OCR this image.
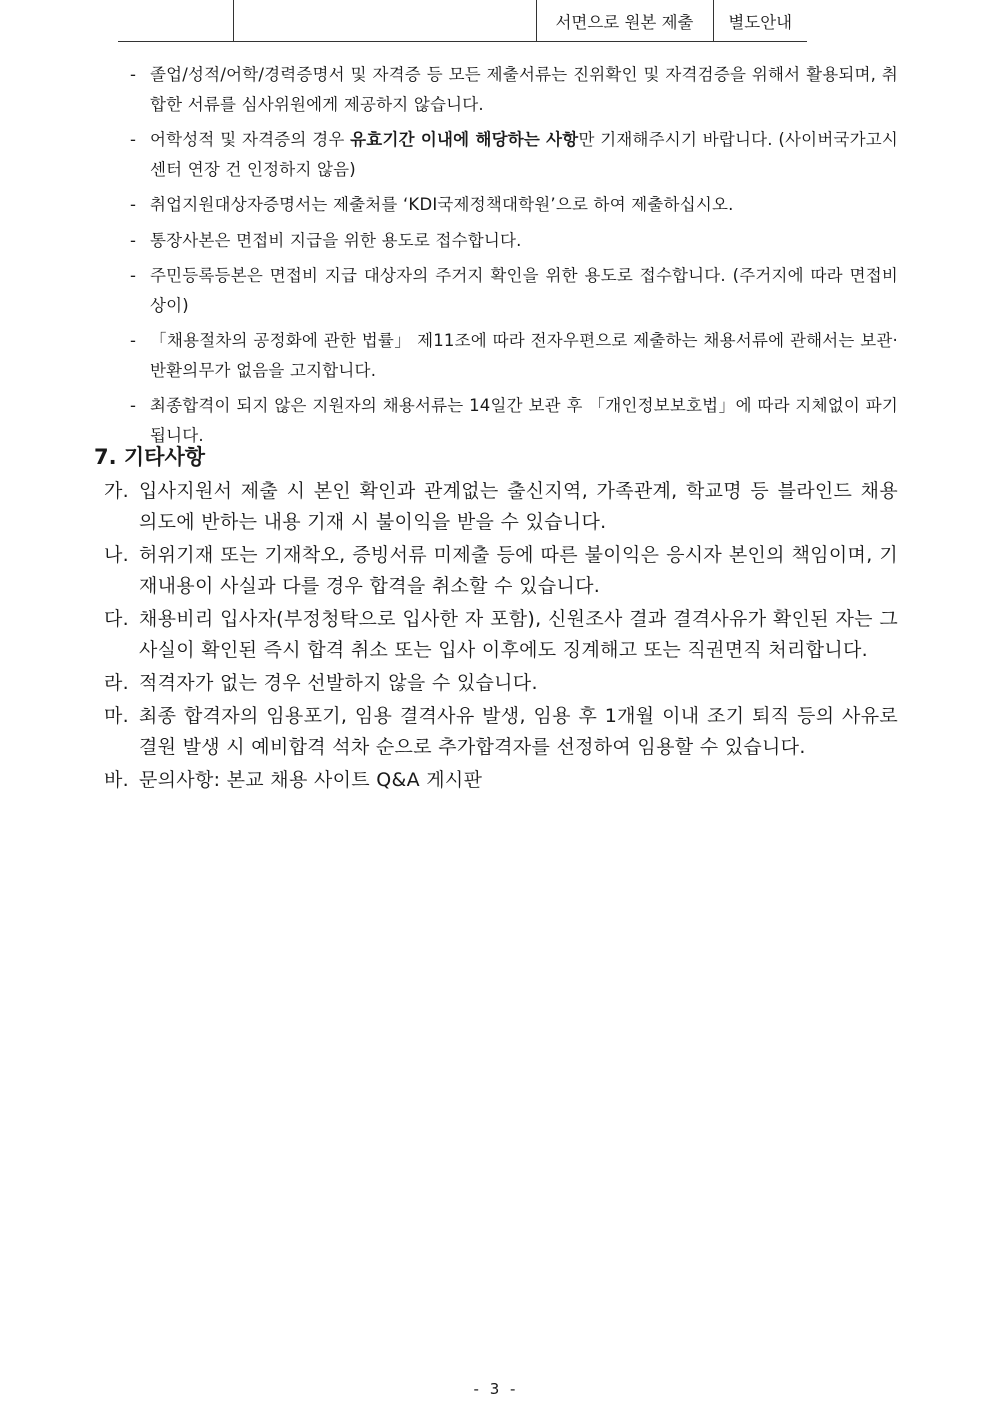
		서면으로 원본 제출	별도안내
- 졸업/성적/어학/경력증명서 및 자격증 등 모든 제출서류는 진위확인 및 자격검증을 위해서 활용되며, 취합한 서류를 심사위원에게 제공하지 않습니다.
- 어학성적 및 자격증의 경우 유효기간 이내에 해당하는 사항만 기재해주시기 바랍니다. (사이버국가고시센터 연장 건 인정하지 않음)
- 취업지원대상자증명서는 제출처를 ‘KDI국제정책대학원’으로 하여 제출하십시오.
- 통장사본은 면접비 지급을 위한 용도로 접수합니다.
- 주민등록등본은 면접비 지급 대상자의 주거지 확인을 위한 용도로 접수합니다. (주거지에 따라 면접비 상이)
- 「채용절차의 공정화에 관한 법률」 제11조에 따라 전자우편으로 제출하는 채용서류에 관해서는 보관·반환의무가 없음을 고지합니다.
- 최종합격이 되지 않은 지원자의 채용서류는 14일간 보관 후 「개인정보보호법」에 따라 지체없이 파기됩니다.
7. 기타사항
가. 입사지원서 제출 시 본인 확인과 관계없는 출신지역, 가족관계, 학교명 등 블라인드 채용 의도에 반하는 내용 기재 시 불이익을 받을 수 있습니다.
나. 허위기재 또는 기재착오, 증빙서류 미제출 등에 따른 불이익은 응시자 본인의 책임이며, 기재내용이 사실과 다를 경우 합격을 취소할 수 있습니다.
다. 채용비리 입사자(부정청탁으로 입사한 자 포함), 신원조사 결과 결격사유가 확인된 자는 그 사실이 확인된 즉시 합격 취소 또는 입사 이후에도 징계해고 또는 직권면직 처리합니다.
라. 적격자가 없는 경우 선발하지 않을 수 있습니다.
마. 최종 합격자의 임용포기, 임용 결격사유 발생, 임용 후 1개월 이내 조기 퇴직 등의 사유로 결원 발생 시 예비합격 석차 순으로 추가합격자를 선정하여 임용할 수 있습니다.
바. 문의사항: 본교 채용 사이트 Q&A 게시판
- 3 -
